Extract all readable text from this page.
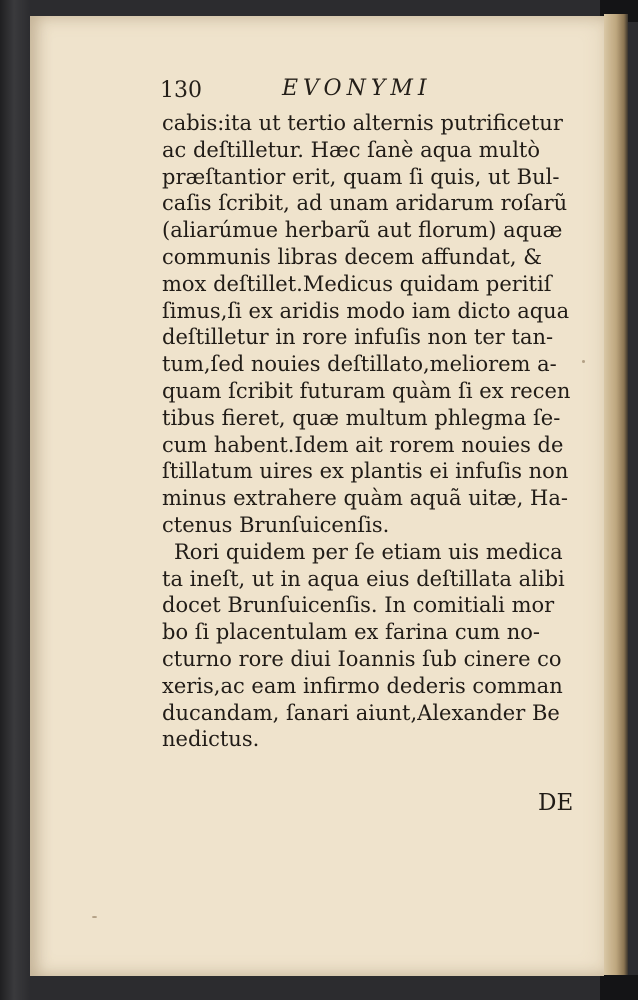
130	EVONYMI
cabis:ita ut tertio alternis putrificetur
ac deſtilletur. Hæc ſanè aqua multò
præſtantior erit, quam ſi quis, ut Bul-
caſis ſcribit, ad unam aridarum roſarũ
(aliarúmue herbarũ aut florum) aquæ
communis libras decem affundat, &
mox deſtillet.Medicus quidam peritiſ
ſimus,ſi ex aridis modo iam dicto aqua
deſtilletur in rore infuſis non ter tan-
tum,ſed nouies deſtillato,meliorem a-
quam ſcribit futuram quàm ſi ex recen
tibus fieret, quæ multum phlegma ſe-
cum habent.Idem ait rorem nouies de
ſtillatum uires ex plantis ei infuſis non
minus extrahere quàm aquã uitæ, Ha-
ctenus Brunſuicenſis.
Rori quidem per ſe etiam uis medica
ta ineſt, ut in aqua eius deſtillata alibi
docet Brunſuicenſis. In comitiali mor
bo ſi placentulam ex farina cum no-
cturno rore diui Ioannis ſub cinere co
xeris,ac eam infirmo dederis comman
ducandam, ſanari aiunt,Alexander Be
nedictus.
DE
